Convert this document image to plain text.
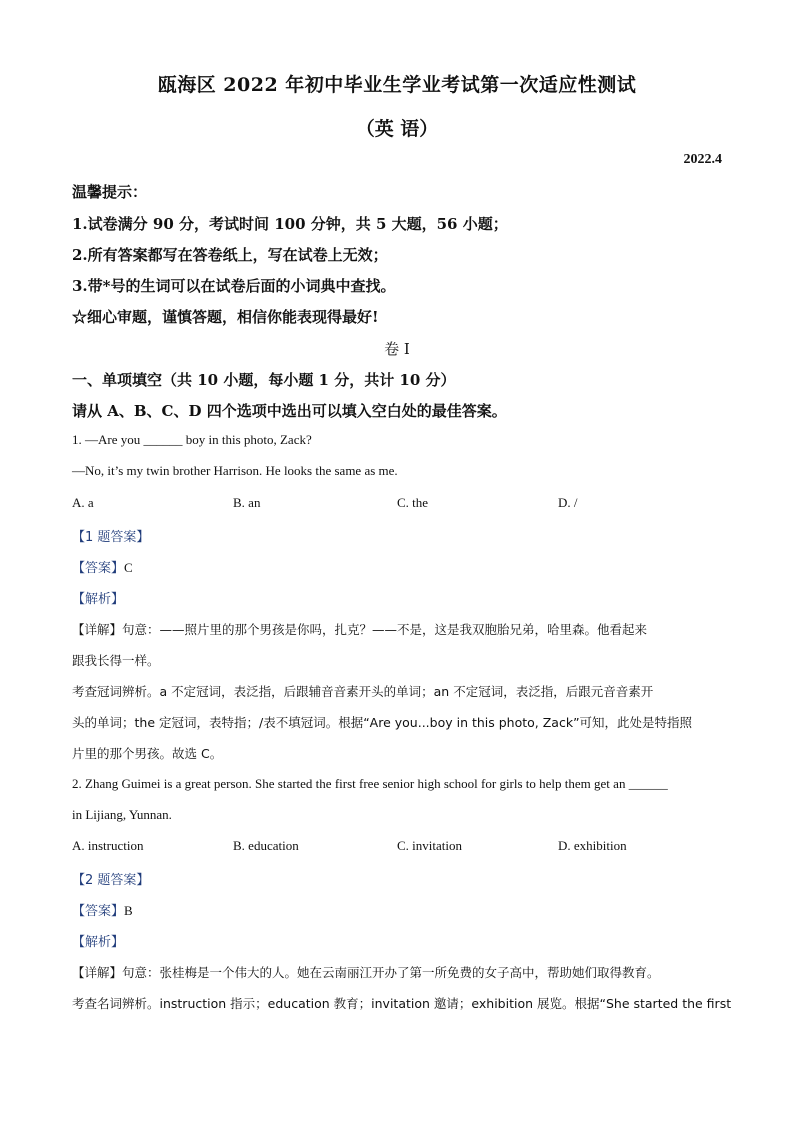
瓯海区 2022 年初中毕业生学业考试第一次适应性测试
（英 语）
2022.4
温馨提示：
1.试卷满分 90 分，考试时间 100 分钟，共 5 大题，56 小题；
2.所有答案都写在答卷纸上，写在试卷上无效；
3.带*号的生词可以在试卷后面的小词典中查找。
☆细心审题，谨慎答题，相信你能表现得最好!
卷 I
一、单项填空（共 10 小题，每小题 1 分，共计 10 分）
请从 A、B、C、D 四个选项中选出可以填入空白处的最佳答案。
1. —Are you ______ boy in this photo, Zack?
—No, it’s my twin brother Harrison. He looks the same as me.
A. a	B. an	C. the	D. /
【1 题答案】
【答案】C
【解析】
【详解】句意：——照片里的那个男孩是你吗，扎克？——不是，这是我双胞胎兄弟，哈里森。他看起来
跟我长得一样。
考查冠词辨析。a 不定冠词，表泛指，后跟辅音音素开头的单词；an 不定冠词，表泛指，后跟元音音素开
头的单词；the 定冠词，表特指；/表不填冠词。根据“Are you...boy in this photo, Zack”可知，此处是特指照
片里的那个男孩。故选 C。
2. Zhang Guimei is a great person. She started the first free senior high school for girls to help them get an ______
in Lijiang, Yunnan.
A. instruction	B. education	C. invitation	D. exhibition
【2 题答案】
【答案】B
【解析】
【详解】句意：张桂梅是一个伟大的人。她在云南丽江开办了第一所免费的女子高中，帮助她们取得教育。
考查名词辨析。instruction 指示；education 教育；invitation 邀请；exhibition 展览。根据“She started the first
